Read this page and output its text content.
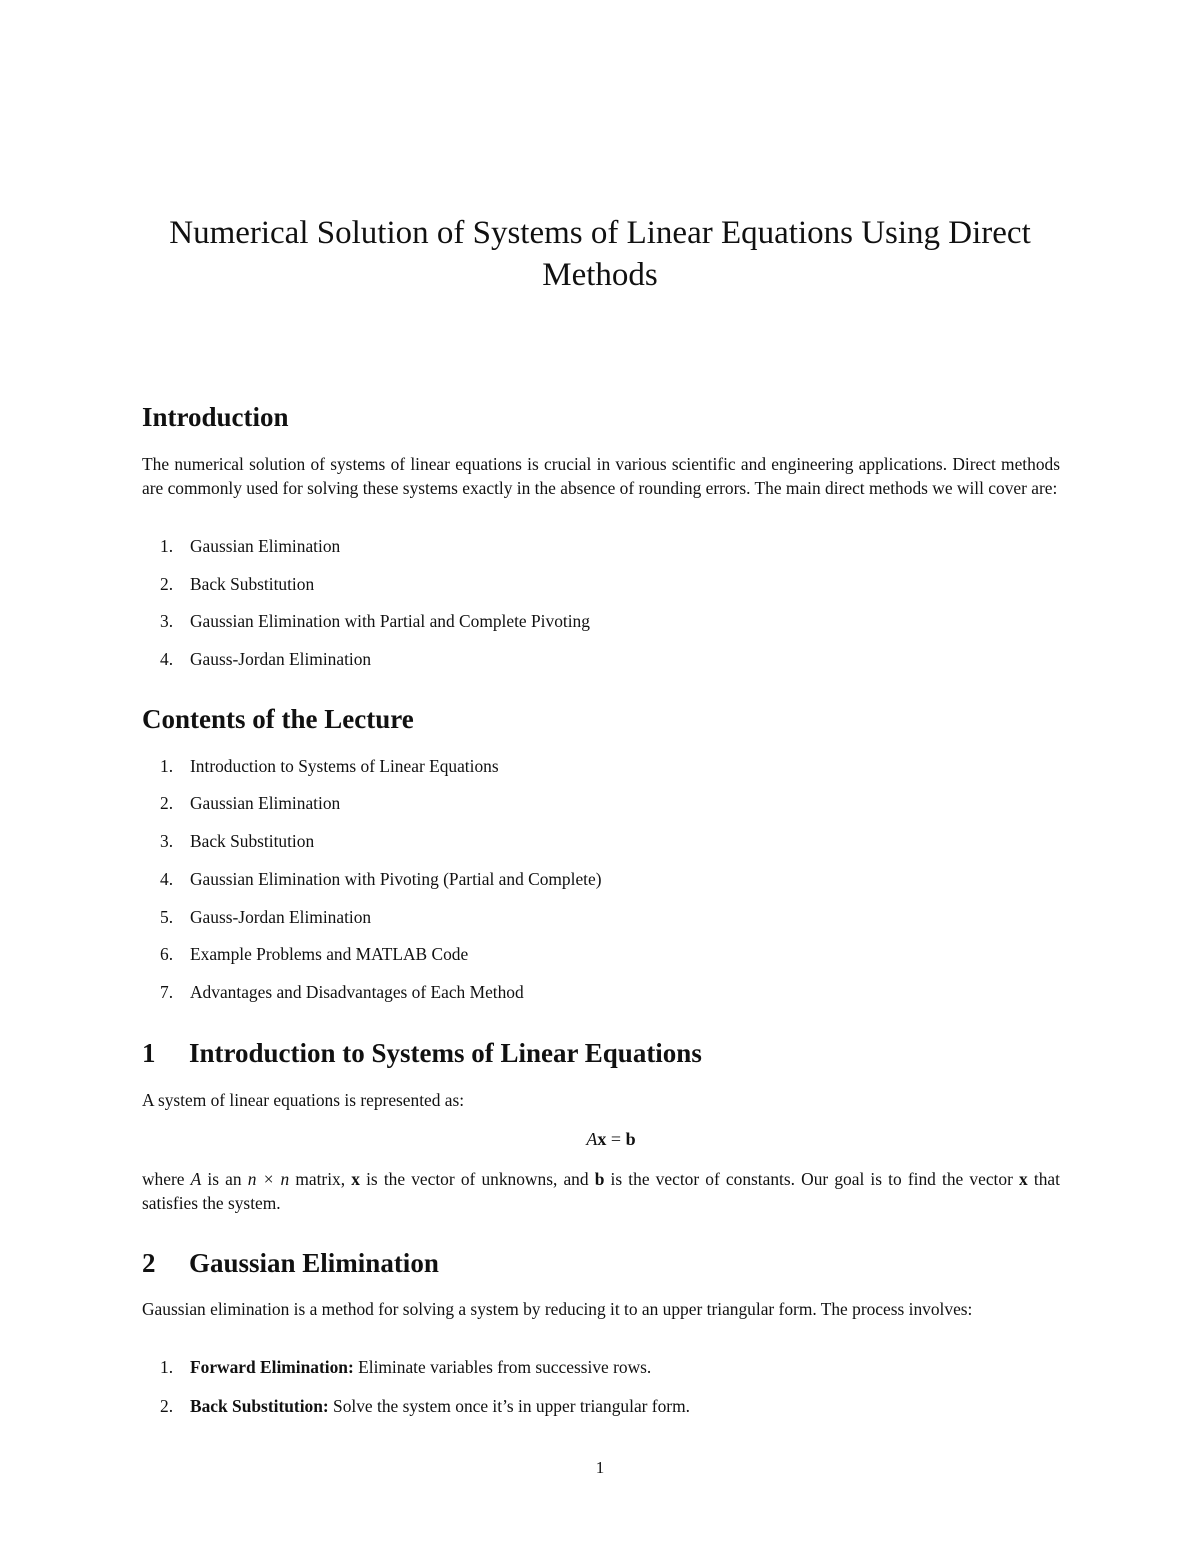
Numerical Solution of Systems of Linear Equations Using Direct Methods
Introduction

The numerical solution of systems of linear equations is crucial in various scientific and engineering applications. Direct methods are commonly used for solving these systems exactly in the absence of rounding errors. The main direct methods we will cover are:

1. Gaussian Elimination
2. Back Substitution
3. Gaussian Elimination with Partial and Complete Pivoting
4. Gauss-Jordan Elimination
Contents of the Lecture
1. Introduction to Systems of Linear Equations
2. Gaussian Elimination
3. Back Substitution
4. Gaussian Elimination with Pivoting (Partial and Complete)
5. Gauss-Jordan Elimination
6. Example Problems and MATLAB Code
7. Advantages and Disadvantages of Each Method
1 Introduction to Systems of Linear Equations

A system of linear equations is represented as:

Ax = b

where A is an n × n matrix, x is the vector of unknowns, and b is the vector of constants. Our goal is to find the vector x that satisfies the system.

2 Gaussian Elimination

Gaussian elimination is a method for solving a system by reducing it to an upper triangular form. The process involves:

1. Forward Elimination: Eliminate variables from successive rows.
2. Back Substitution: Solve the system once it’s in upper triangular form.
1
